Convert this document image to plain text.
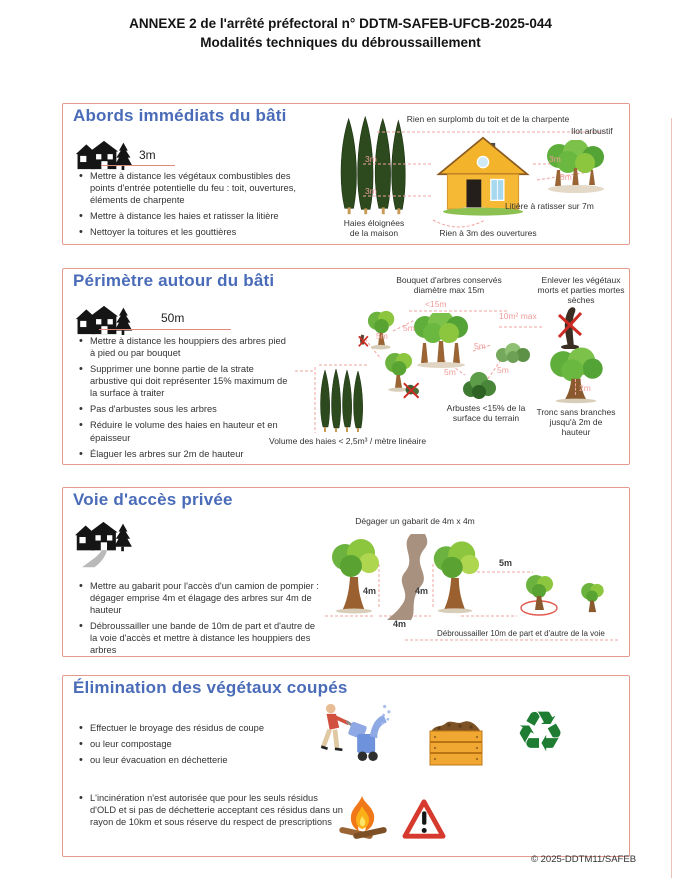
ANNEXE 2 de l'arrêté préfectoral n° DDTM-SAFEB-UFCB-2025-044
Modalités techniques du débroussaillement
Abords immédiats du bâti
3m
• Mettre à distance les végétaux combustibles des points d'entrée potentielle du feu : toit, ouvertures, éléments de charpente
• Mettre à distance les haies et ratisser la litière
• Nettoyer la toitures et les gouttières
Haies éloignées
de la maison
Rien en surplomb du toit et de la charpente
Ilot arbustif
3m	3m
5m
3m
Litière à ratisser sur 7m
Rien à 3m des ouvertures
Périmètre autour du bâti
50m
• Mettre à distance les houppiers des arbres pied à pied ou par bouquet
• Supprimer une bonne partie de la strate arbustive qui doit représenter 15% maximum de la surface à traiter
• Pas d'arbustes sous les arbres
• Réduire le volume des haies en hauteur et en épaisseur
• Élaguer les arbres sur 2m de hauteur
Bouquet d'arbres conservés
diamètre max 15m
<15m
Enlever les végétaux morts et parties mortes sèches
10m² max
Arbustes <15% de la surface du terrain
2m
Tronc sans branches jusqu'à 2m de hauteur
Volume des haies < 2,5m³ / mètre linéaire
5m
5m
5m
5m	5m
Voie d'accès privée
• Mettre au gabarit pour l'accès d'un camion de pompier : dégager emprise 4m et élagage des arbres sur 4m de hauteur
• Débroussailler une bande de 10m de part et d'autre de la voie d'accès et mettre à distance les houppiers des arbres
Dégager un gabarit de 4m x 4m
4m	4m
4m
5m
Débroussailler 10m de part et d'autre de la voie
Élimination des végétaux coupés
• Effectuer le broyage des résidus de coupe
• ou leur compostage
• ou leur évacuation en déchetterie
• L'incinération n'est autorisée que pour les seuls résidus d'OLD et si pas de déchetterie acceptant ces résidus dans un rayon de 10km et sous réserve du respect de prescriptions
♻
© 2025-DDTM11/SAFEB
